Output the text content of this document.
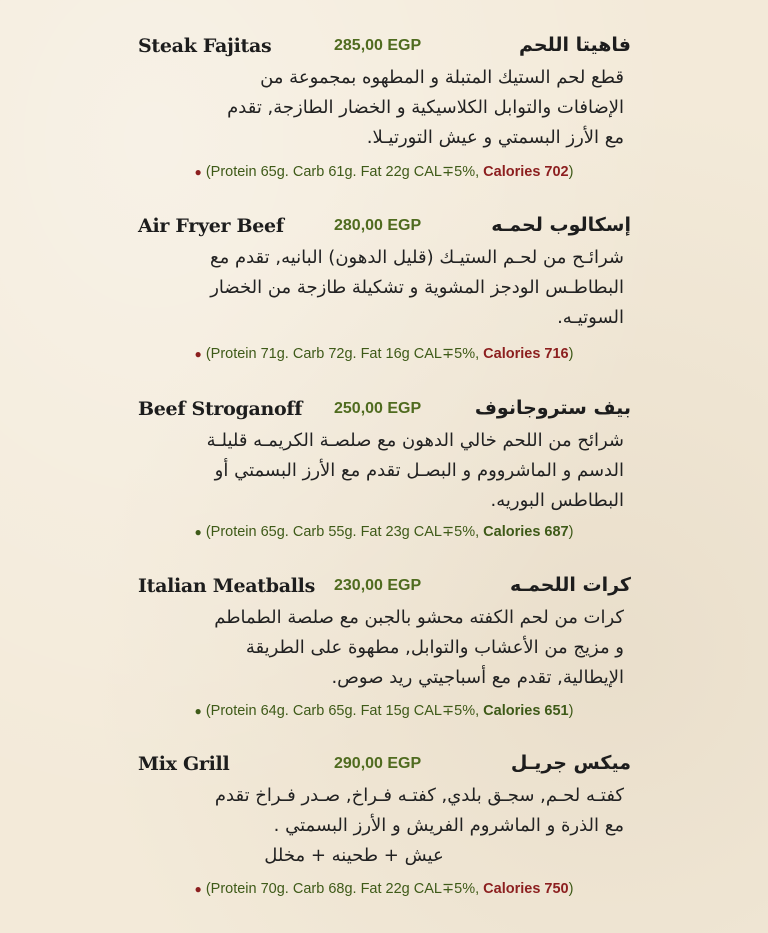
Steak Fajitas	285,00 EGP	فاهيتا اللحم
قطع لحم الستيك المتبلة و المطهوه بمجموعة من
الإضافات والتوابل الكلاسيكية و الخضار الطازجة, تقدم
مع الأرز البسمتي و عيش التورتيـلا.
● (Protein 65g. Carb 61g. Fat 22g CAL∓5%, Calories 702)
Air Fryer Beef	280,00 EGP	إسكالوب لحمـه
شرائـح من لحـم الستيـك (قليل الدهون) البانيه, تقدم مع
البطاطـس الودجز المشوية و تشكيلة طازجة من الخضار
السوتيـه.
● (Protein 71g. Carb 72g. Fat 16g CAL∓5%, Calories 716)
Beef Stroganoff 250,00 EGP	بيف ستروجانوف
شرائح من اللحم خالي الدهون مع صلصـة الكريمـه قليلـة
الدسم و الماشرووم و البصـل تقدم مع الأرز البسمتي أو
البطاطس البوريه.
● (Protein 65g. Carb 55g. Fat 23g CAL∓5%, Calories 687)
Italian Meatballs 230,00 EGP	كرات اللحمـه
كرات من لحم الكفته محشو بالجبن مع صلصة الطماطم
و مزيج من الأعشاب والتوابل, مطهوة على الطريقة
الإيطالية, تقدم مع أسباجيتي ريد صوص.
● (Protein 64g. Carb 65g. Fat 15g CAL∓5%, Calories 651)
Mix Grill	290,00 EGP	ميكس جريـل
كفتـه لحـم, سجـق بلدي, كفتـه فـراخ, صـدر فـراخ تقدم
مع الذرة و الماشروم الفريش و الأرز البسمتي .
عيش + طحينه + مخلل
● (Protein 70g. Carb 68g. Fat 22g CAL∓5%, Calories 750)
